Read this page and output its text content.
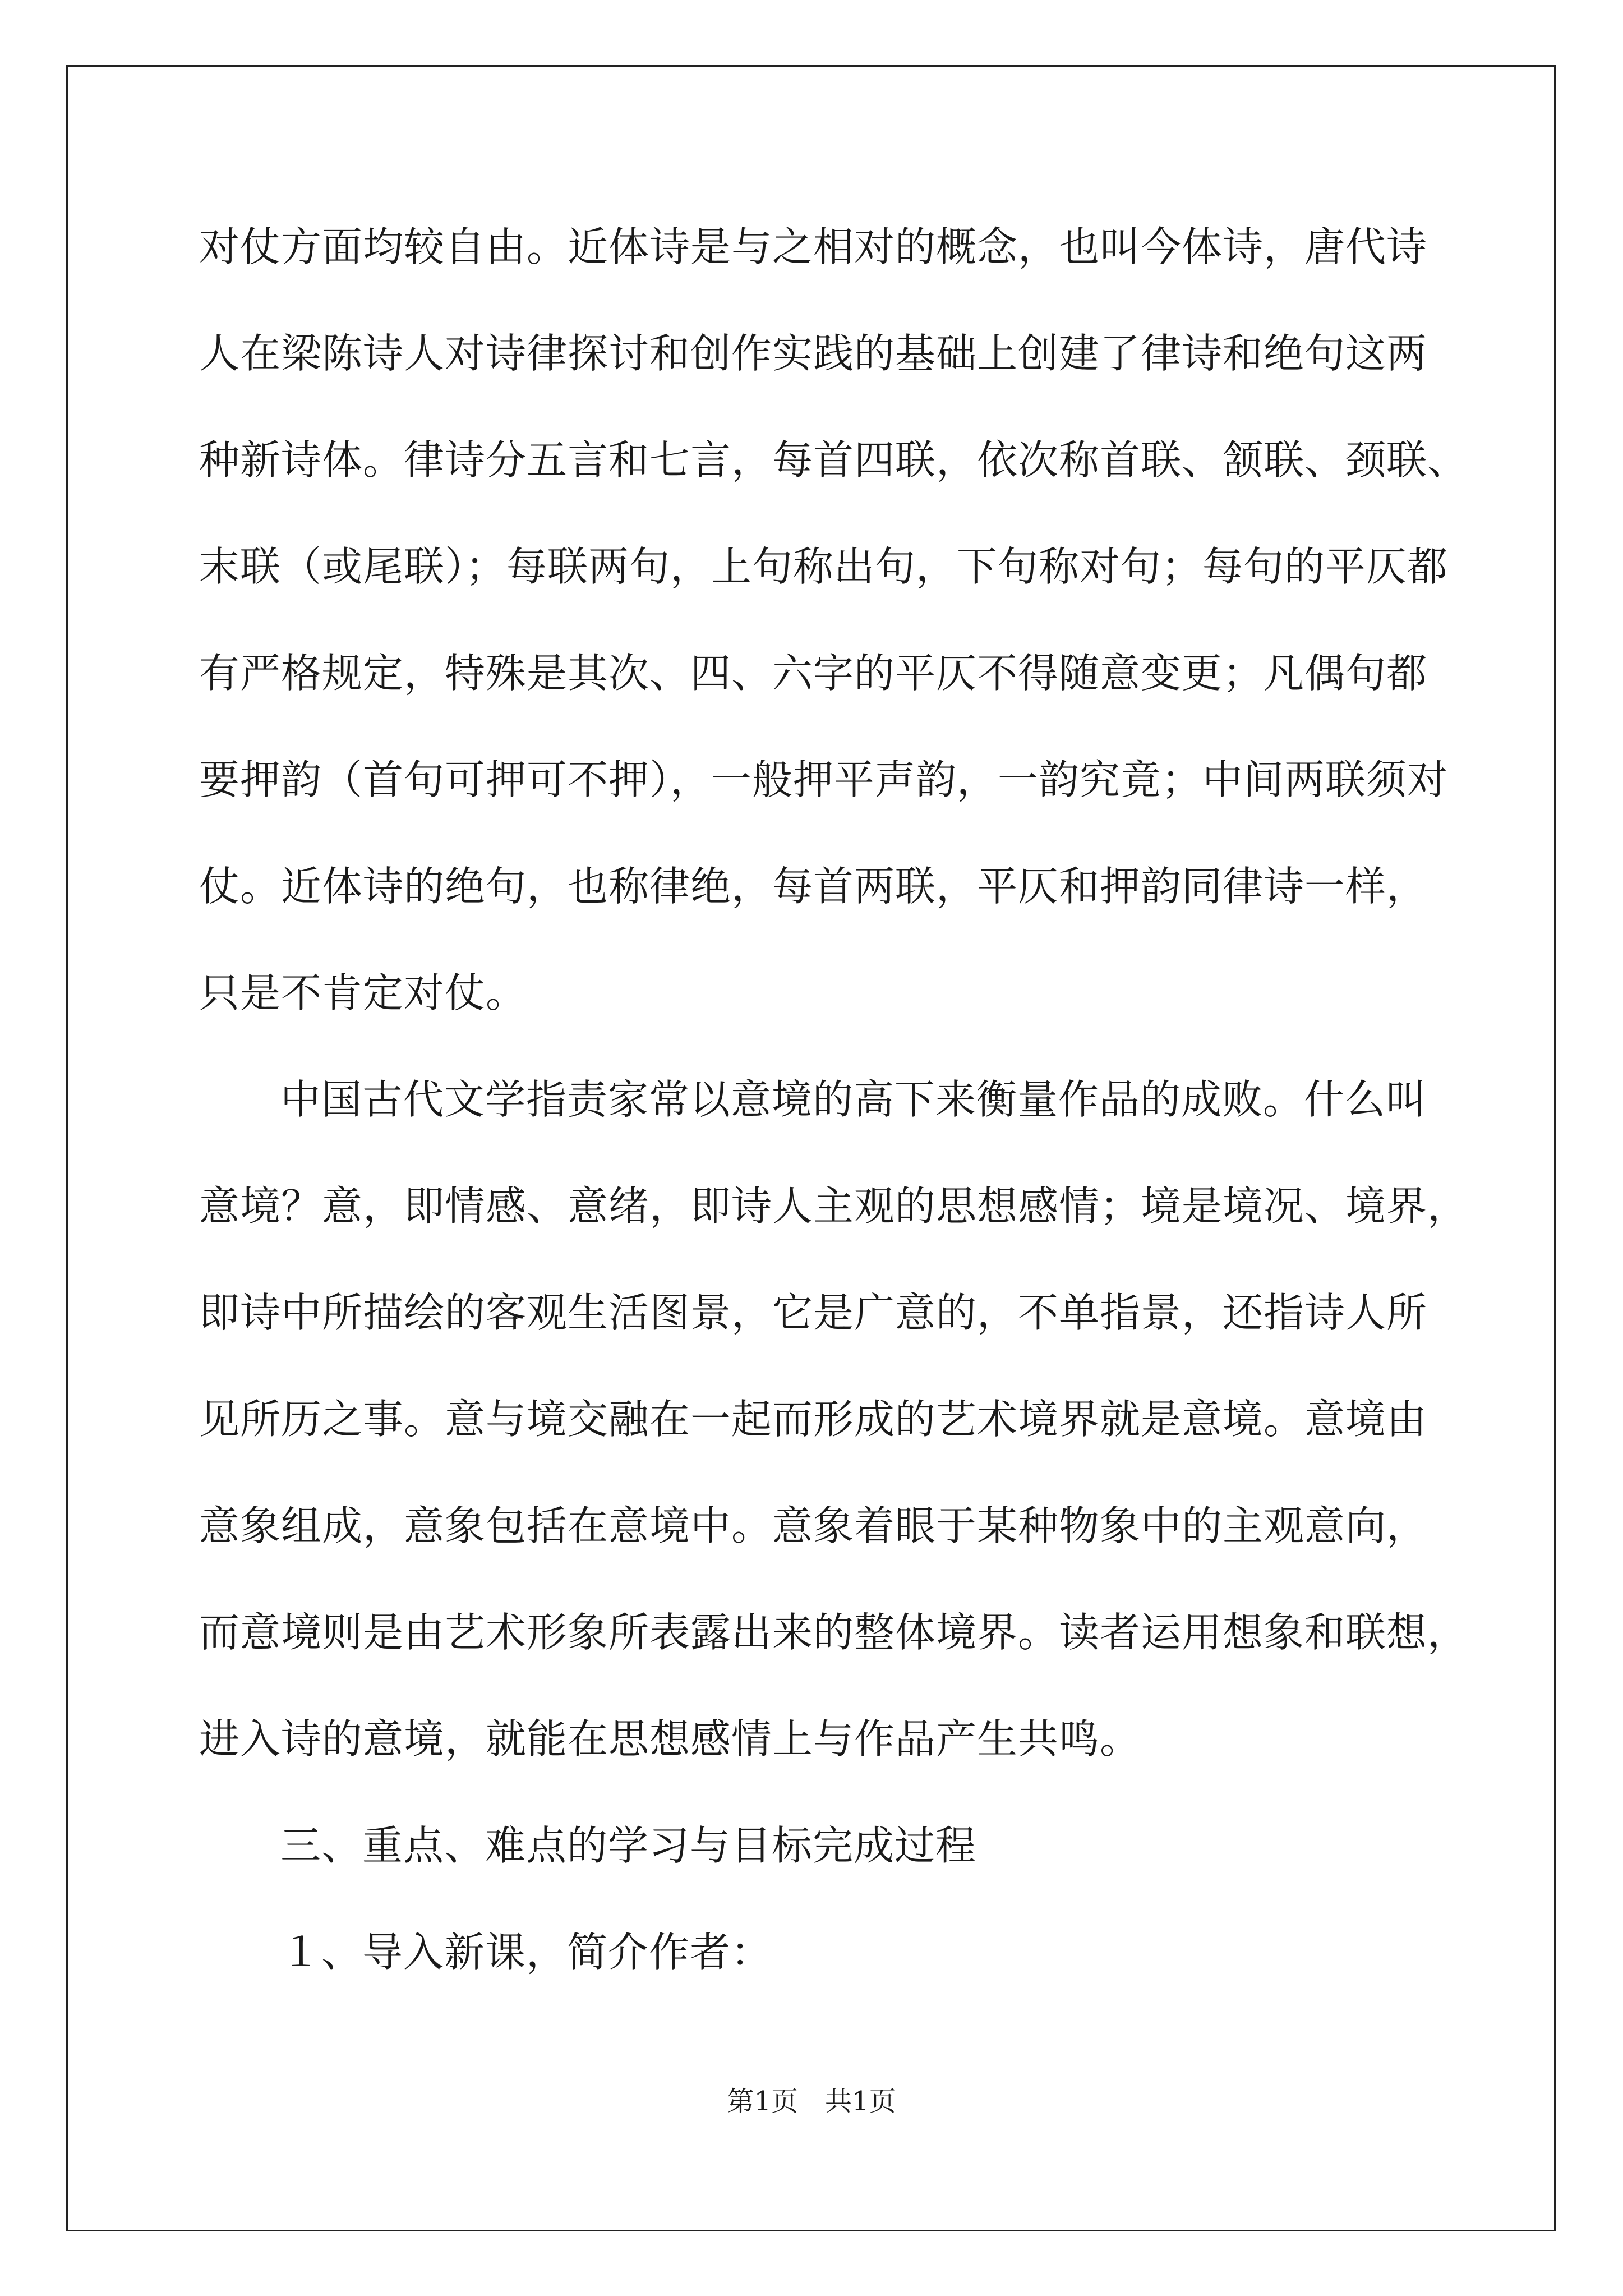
对仗方面均较自由。近体诗是与之相对的概念，也叫今体诗，唐代诗
人在梁陈诗人对诗律探讨和创作实践的基础上创建了律诗和绝句这两
种新诗体。律诗分五言和七言，每首四联，依次称首联、颔联、颈联、
末联（或尾联）；每联两句，上句称出句，下句称对句；每句的平仄都
有严格规定，特殊是其次、四、六字的平仄不得随意变更；凡偶句都
要押韵（首句可押可不押），一般押平声韵，一韵究竟；中间两联须对
仗。近体诗的绝句，也称律绝，每首两联，平仄和押韵同律诗一样，
只是不肯定对仗。
中国古代文学指责家常以意境的高下来衡量作品的成败。什么叫
意境？意，即情感、意绪，即诗人主观的思想感情；境是境况、境界，
即诗中所描绘的客观生活图景，它是广意的，不单指景，还指诗人所
见所历之事。意与境交融在一起而形成的艺术境界就是意境。意境由
意象组成，意象包括在意境中。意象着眼于某种物象中的主观意向，
而意境则是由艺术形象所表露出来的整体境界。读者运用想象和联想，
进入诗的意境，就能在思想感情上与作品产生共鸣。
三、重点、难点的学习与目标完成过程
１、导入新课，简介作者：
第1页　共1页
